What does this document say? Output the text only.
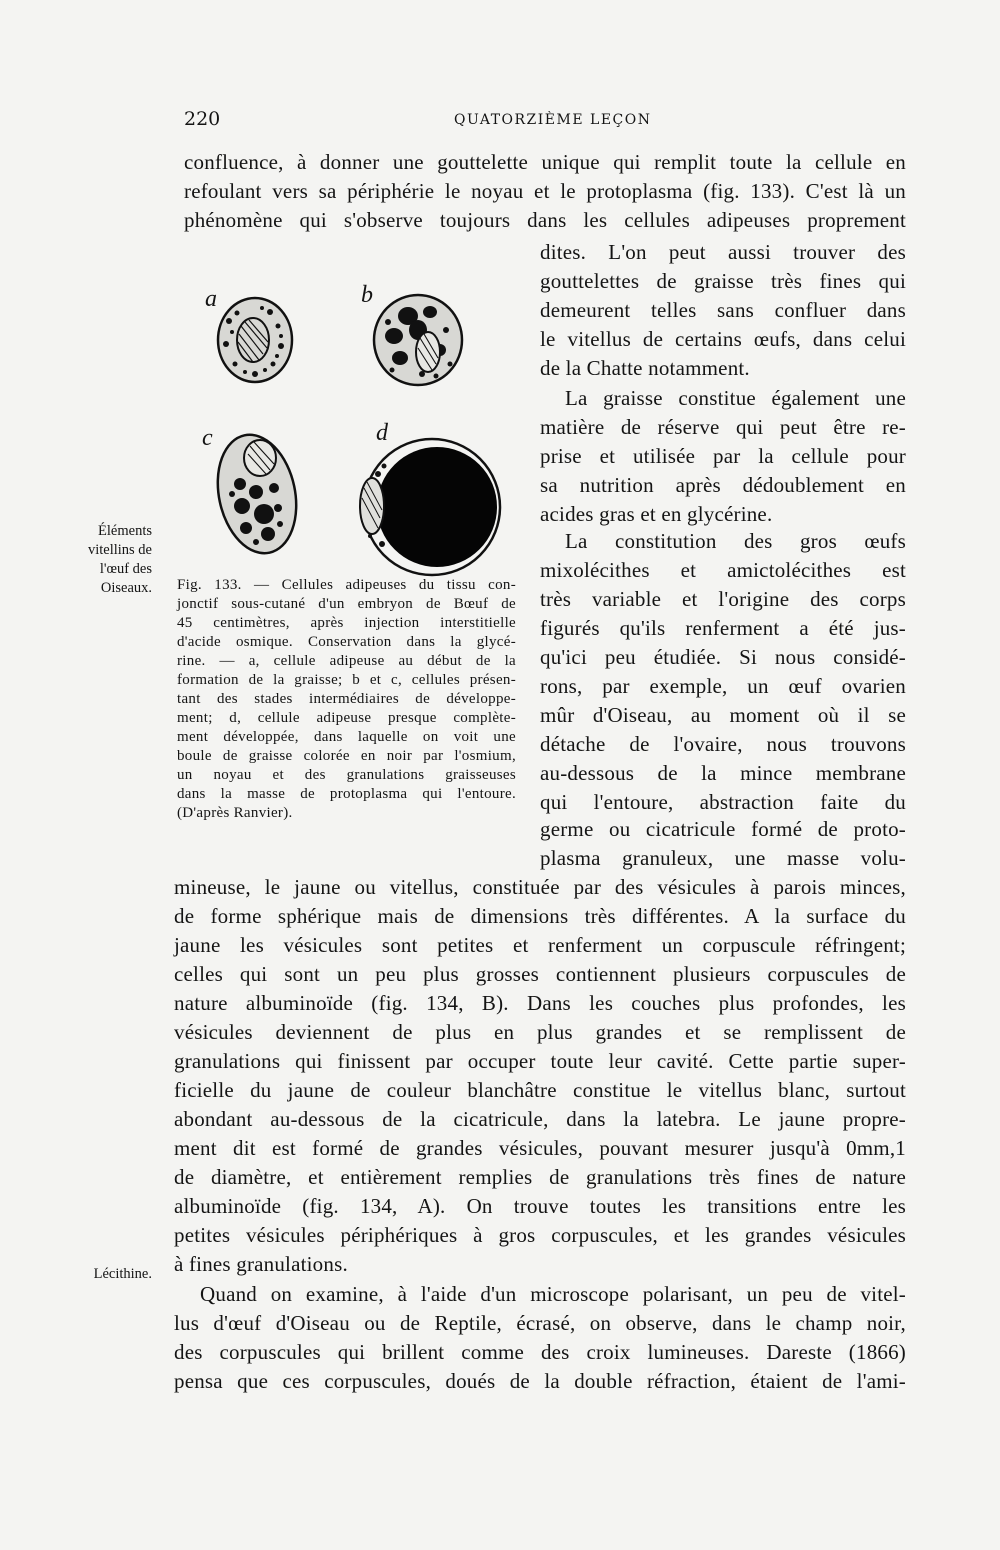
220	QUATORZIÈME LEÇON
confluence, à donner une gouttelette unique qui remplit toute la cellule en
refoulant vers sa périphérie le noyau et le protoplasma (fig. 133). C'est là un
phénomène qui s'observe toujours dans les cellules adipeuses proprement
dites. L'on peut aussi trouver des
gouttelettes de graisse très fines qui
demeurent telles sans confluer dans
le vitellus de certains œufs, dans celui
de la Chatte notamment.
La graisse constitue également une
matière de réserve qui peut être re-
prise et utilisée par la cellule pour
sa nutrition après dédoublement en
acides gras et en glycérine.
La constitution des gros œufs
mixolécithes et amictolécithes est
très variable et l'origine des corps
figurés qu'ils renferment a été jus-
qu'ici peu étudiée. Si nous considé-
rons, par exemple, un œuf ovarien
mûr d'Oiseau, au moment où il se
détache de l'ovaire, nous trouvons
au-dessous de la mince membrane
qui l'entoure, abstraction faite du
germe ou cicatricule formé de proto-
plasma granuleux, une masse volu-
a	b
c	d
Fig. 133. — Cellules adipeuses du tissu con-
jonctif sous-cutané d'un embryon de Bœuf de
45 centimètres, après injection interstitielle
d'acide osmique. Conservation dans la glycé-
rine. — a, cellule adipeuse au début de la
formation de la graisse; b et c, cellules présen-
tant des stades intermédiaires de développe-
ment; d, cellule adipeuse presque complète-
ment développée, dans laquelle on voit une
boule de graisse colorée en noir par l'osmium,
un noyau et des granulations graisseuses
dans la masse de protoplasma qui l'entoure.
(D'après Ranvier).
Éléments
vitellins de
l'œuf des
Oiseaux.
Lécithine.
mineuse, le jaune ou vitellus, constituée par des vésicules à parois minces,
de forme sphérique mais de dimensions très différentes. A la surface du
jaune les vésicules sont petites et renferment un corpuscule réfringent;
celles qui sont un peu plus grosses contiennent plusieurs corpuscules de
nature albuminoïde (fig. 134, B). Dans les couches plus profondes, les
vésicules deviennent de plus en plus grandes et se remplissent de
granulations qui finissent par occuper toute leur cavité. Cette partie super-
ficielle du jaune de couleur blanchâtre constitue le vitellus blanc, surtout
abondant au-dessous de la cicatricule, dans la latebra. Le jaune propre-
ment dit est formé de grandes vésicules, pouvant mesurer jusqu'à 0mm,1
de diamètre, et entièrement remplies de granulations très fines de nature
albuminoïde (fig. 134, A). On trouve toutes les transitions entre les
petites vésicules périphériques à gros corpuscules, et les grandes vésicules
à fines granulations.
Quand on examine, à l'aide d'un microscope polarisant, un peu de vitel-
lus d'œuf d'Oiseau ou de Reptile, écrasé, on observe, dans le champ noir,
des corpuscules qui brillent comme des croix lumineuses. Dareste (1866)
pensa que ces corpuscules, doués de la double réfraction, étaient de l'ami-
